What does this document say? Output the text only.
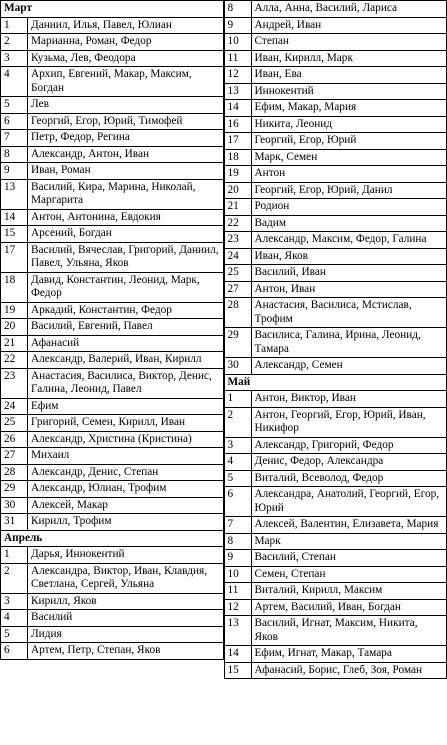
Март	
1	Даниил, Илья, Павел, Юлиан
2	Марианна, Роман, Федор
3	Кузьма, Лев, Феодора
4	Архип, Евгений, Макар, Максим, Богдан
5	Лев
6	Георгий, Егор, Юрий, Тимофей
7	Петр, Федор, Регина
8	Александр, Антон, Иван
9	Иван, Роман
13	Василий, Кира, Марина, Николай, Маргарита
14	Антон, Антонина, Евдокия
15	Арсений, Богдан
17	Василий, Вячеслав, Григорий, Даниил, Павел, Ульяна, Яков
18	Давид, Константин, Леонид, Марк, Федор
19	Аркадий, Константин, Федор
20	Василий, Евгений, Павел
21	Афанасий
22	Александр, Валерий, Иван, Кирилл
23	Анастасия, Василиса, Виктор, Денис, Галина, Леонид, Павел
24	Ефим
25	Григорий, Семен, Кирилл, Иван
26	Александр, Христина (Кристина)
27	Михаил
28	Александр, Денис, Степан
29	Александр, Юлиан, Трофим
30	Алексей, Макар
31	Кирилл, Трофим
Апрель	
1	Дарья, Иннокентий
2	Александра, Виктор, Иван, Клавдия, Светлана, Сергей, Ульяна
3	Кирилл, Яков
4	Василий
5	Лидия
6	Артем, Петр, Степан, Яков
8	Алла, Анна, Василий, Лариса
9	Андрей, Иван
10	Степан
11	Иван, Кирилл, Марк
12	Иван, Ева
13	Иннокентий
14	Ефим, Макар, Мария
16	Никита, Леонид
17	Георгий, Егор, Юрий
18	Марк, Семен
19	Антон
20	Георгий, Егор, Юрий, Данил
21	Родион
22	Вадим
23	Александр, Максим, Федор, Галина
24	Иван, Яков
25	Василий, Иван
27	Антон, Иван
28	Анастасия, Василиса, Мстислав, Трофим
29	Василиса, Галина, Ирина, Леонид, Тамара
30	Александр, Семен
Май	
1	Антон, Виктор, Иван
2	Антон, Георгий, Егор, Юрий, Иван, Никифор
3	Александр, Григорий, Федор
4	Денис, Федор, Александра
5	Виталий, Всеволод, Федор
6	Александра, Анатолий, Георгий, Егор, Юрий
7	Алексей, Валентин, Елизавета, Мария
8	Марк
9	Василий, Степан
10	Семен, Степан
11	Виталий, Кирилл, Максим
12	Артем, Василий, Иван, Богдан
13	Василий, Игнат, Максим, Никита, Яков
14	Ефим, Игнат, Макар, Тамара
15	Афанасий, Борис, Глеб, Зоя, Роман
